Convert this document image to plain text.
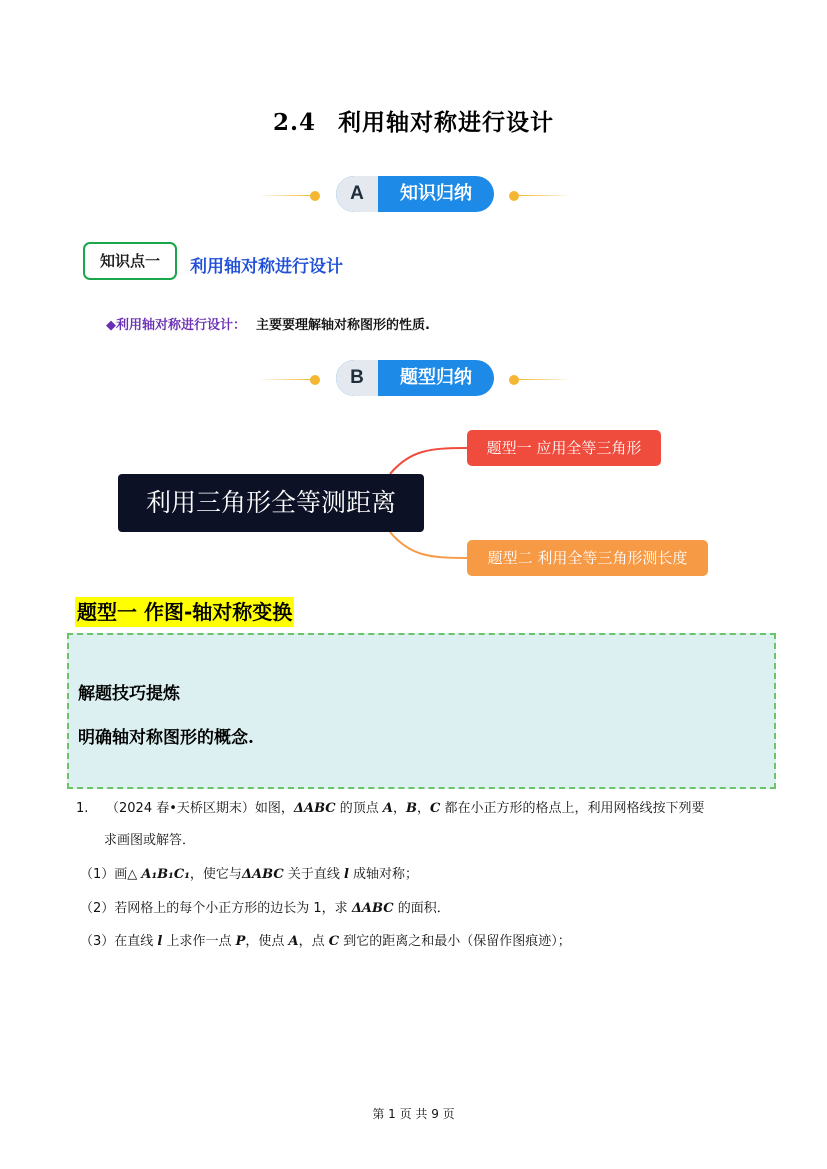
2.4 利用轴对称进行设计
A	知识归纳
知识点一	利用轴对称进行设计
◆利用轴对称进行设计： 主要要理解轴对称图形的性质.
B	题型归纳
利用三角形全等测距离
题型一 应用全等三角形
题型二 利用全等三角形测长度
题型一 作图-轴对称变换
解题技巧提炼
明确轴对称图形的概念.
1. （2024 春•天桥区期末）如图，ΔABC 的顶点 A，B，C 都在小正方形的格点上，利用网格线按下列要
求画图或解答．
（1）画△ A₁B₁C₁，使它与ΔABC 关于直线 l 成轴对称；
（2）若网格上的每个小正方形的边长为 1，求 ΔABC 的面积．
（3）在直线 l 上求作一点 P，使点 A，点 C 到它的距离之和最小（保留作图痕迹）；
第 1 页 共 9 页
